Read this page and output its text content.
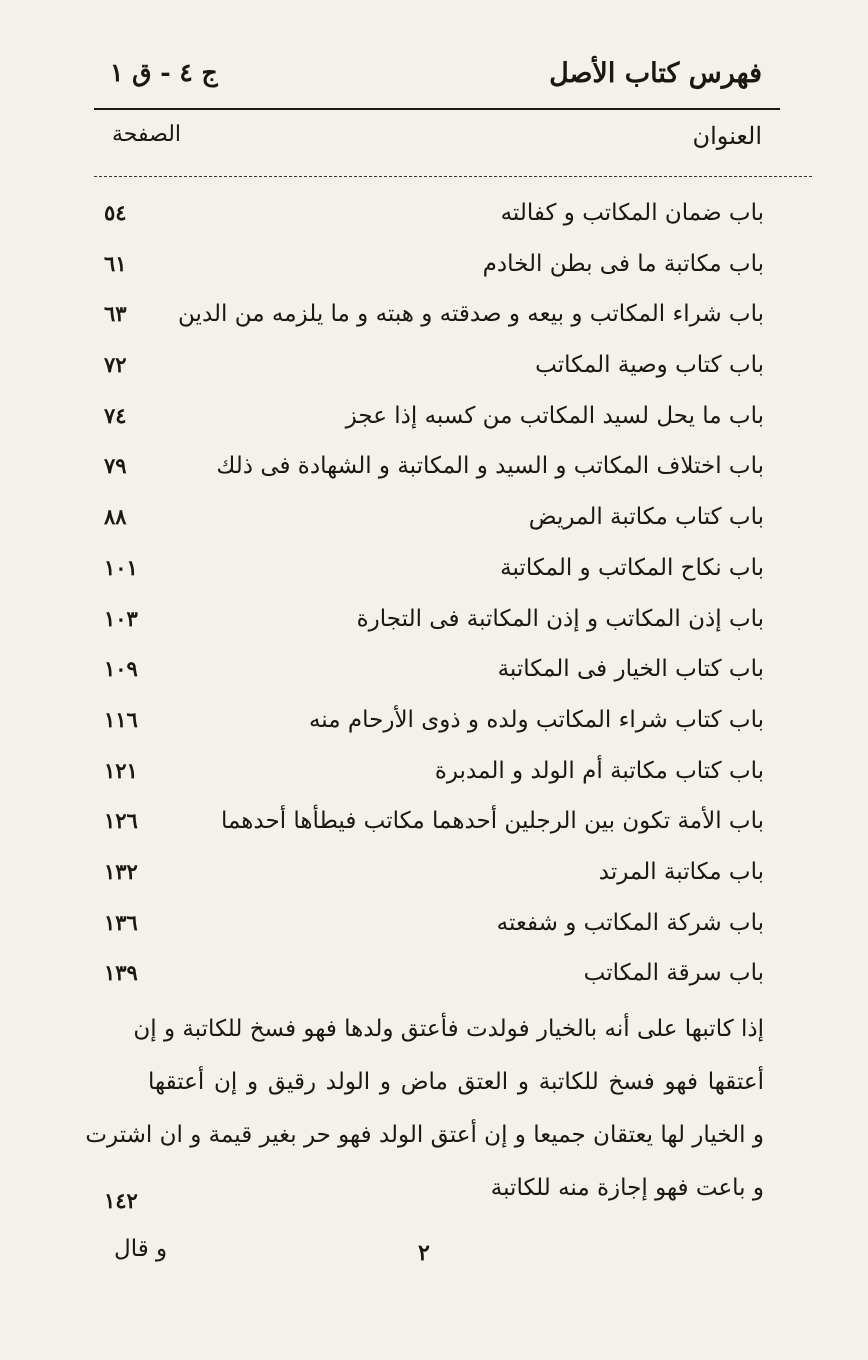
فهرس كتاب الأصل
ج ٤ - ق ١
العنوان
الصفحة
باب ضمان المكاتب و كفالته
٥٤
باب مكاتبة ما فى بطن الخادم
٦١
باب شراء المكاتب و بيعه و صدقته و هبته و ما يلزمه من الدين
٦٣
باب كتاب وصية المكاتب
٧٢
باب ما يحل لسيد المكاتب من كسبه إذا عجز
٧٤
باب اختلاف المكاتب و السيد و المكاتبة و الشهادة فى ذلك
٧٩
باب كتاب مكاتبة المريض
٨٨
باب نكاح المكاتب و المكاتبة
١٠١
باب إذن المكاتب و إذن المكاتبة فى التجارة
١٠٣
باب كتاب الخيار فى المكاتبة
١٠٩
باب كتاب شراء المكاتب ولده و ذوى الأرحام منه
١١٦
باب كتاب مكاتبة أم الولد و المدبرة
١٢١
باب الأمة تكون بين الرجلين أحدهما مكاتب فيطأها أحدهما
١٢٦
باب مكاتبة المرتد
١٣٢
باب شركة المكاتب و شفعته
١٣٦
باب سرقة المكاتب
١٣٩
إذا كاتبها على أنه بالخيار فولدت فأعتق ولدها فهو فسخ للكاتبة و إن
أعتقها فهو فسخ للكاتبة و العتق ماض و الولد رقيق و إن أعتقها
و الخيار لها يعتقان جميعا و إن أعتق الولد فهو حر بغير قيمة و ان اشترت
و باعت فهو إجازة منه للكاتبة
١٤٢
٢
و قال
